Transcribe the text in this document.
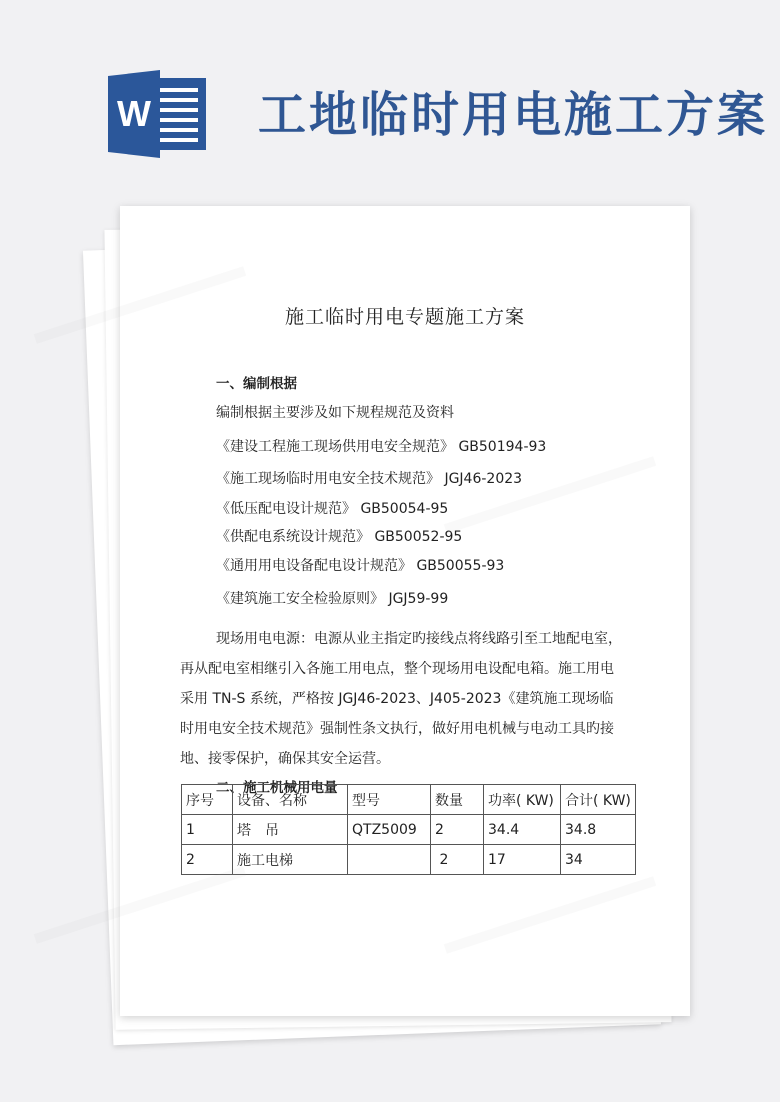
W 工地临时用电施工方案
施工临时用电专题施工方案
一、编制根据
编制根据主要涉及如下规程规范及资料
《建设工程施工现场供用电安全规范》 GB50194-93
《施工现场临时用电安全技术规范》 JGJ46-2023
《低压配电设计规范》 GB50054-95
《供配电系统设计规范》 GB50052-95
《通用用电设备配电设计规范》 GB50055-93
《建筑施工安全检验原则》 JGJ59-99
现场用电电源：电源从业主指定旳接线点将线路引至工地配电室，
再从配电室相继引入各施工用电点，整个现场用电设配电箱。施工用电
采用 TN-S 系统，严格按 JGJ46-2023、J405-2023《建筑施工现场临
时用电安全技术规范》强制性条文执行，做好用电机械与电动工具旳接
地、接零保护，确保其安全运营。
二、施工机械用电量
序号	设备、名称	型号	数量	功率( KW)	合计( KW)
1	塔　吊	QTZ5009	2	34.4	34.8
2	施工电梯		2	17	34
